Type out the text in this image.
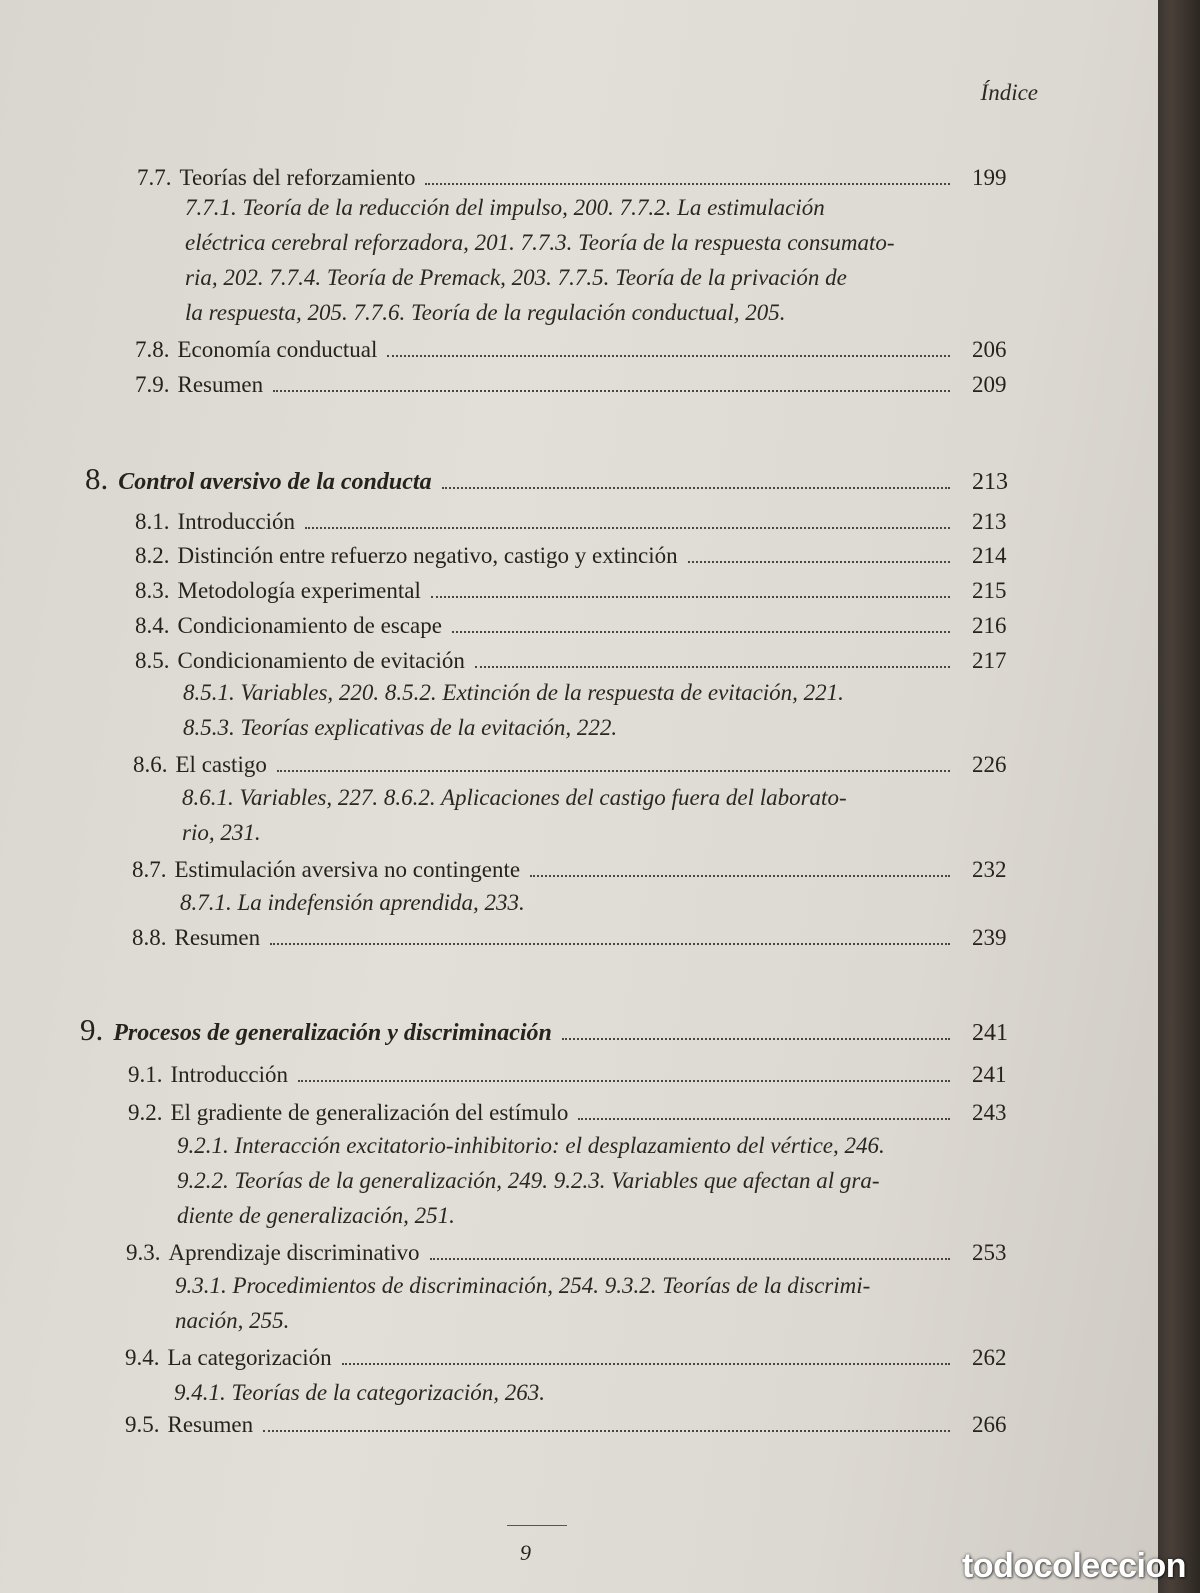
Índice
7.7. Teorías del reforzamiento	199

7.7.1. Teoría de la reducción del impulso, 200. 7.7.2. La estimulación

eléctrica cerebral reforzadora, 201. 7.7.3. Teoría de la respuesta consumato-

ria, 202. 7.7.4. Teoría de Premack, 203. 7.7.5. Teoría de la privación de

la respuesta, 205. 7.7.6. Teoría de la regulación conductual, 205.

7.8. Economía conductual	206
7.9. Resumen	209
8. Control aversivo de la conducta	213
8.1. Introducción	213
8.2. Distinción entre refuerzo negativo, castigo y extinción	214
8.3. Metodología experimental	215
8.4. Condicionamiento de escape	216
8.5. Condicionamiento de evitación	217

8.5.1. Variables, 220. 8.5.2. Extinción de la respuesta de evitación, 221.

8.5.3. Teorías explicativas de la evitación, 222.

8.6. El castigo	226

8.6.1. Variables, 227. 8.6.2. Aplicaciones del castigo fuera del laborato-

rio, 231.

8.7. Estimulación aversiva no contingente	232

8.7.1. La indefensión aprendida, 233.

8.8. Resumen	239
9. Procesos de generalización y discriminación	241
9.1. Introducción	241
9.2. El gradiente de generalización del estímulo	243

9.2.1. Interacción excitatorio-inhibitorio: el desplazamiento del vértice, 246.

9.2.2. Teorías de la generalización, 249. 9.2.3. Variables que afectan al gra-

diente de generalización, 251.

9.3. Aprendizaje discriminativo	253

9.3.1. Procedimientos de discriminación, 254. 9.3.2. Teorías de la discrimi-

nación, 255.

9.4. La categorización	262

9.4.1. Teorías de la categorización, 263.

9.5. Resumen	266
9	todocoleccion
